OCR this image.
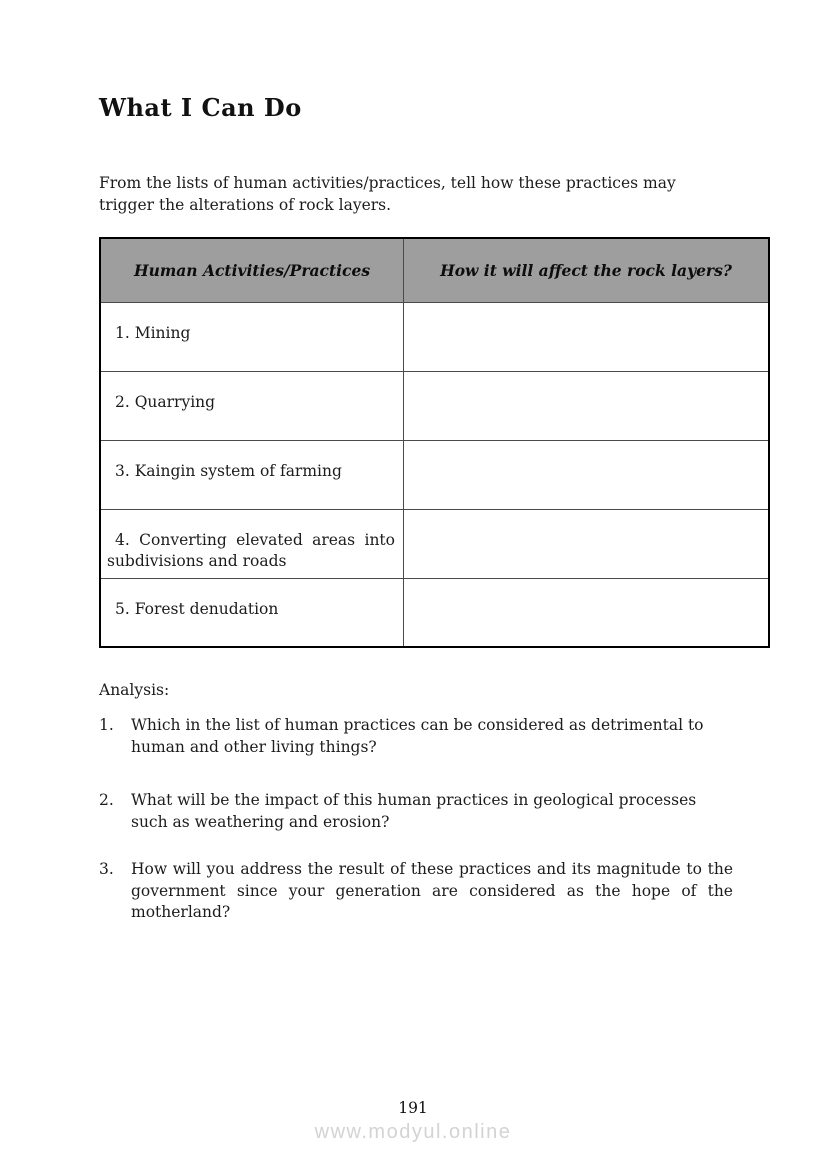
What I Can Do

From the lists of human activities/practices, tell how these practices may trigger the alterations of rock layers.

Human Activities/Practices	How it will affect the rock layers?
1. Mining	
2. Quarrying	
3. Kaingin system of farming	
4. Converting elevated areas into subdivisions and roads	
5. Forest denudation	

Analysis:

1.	Which in the list of human practices can be considered as detrimental to human and other living things?
2.	What will be the impact of this human practices in geological processes such as weathering and erosion?
3.	How will you address the result of these practices and its magnitude to the government since your generation are considered as the hope of the motherland?
191
www.modyul.online
